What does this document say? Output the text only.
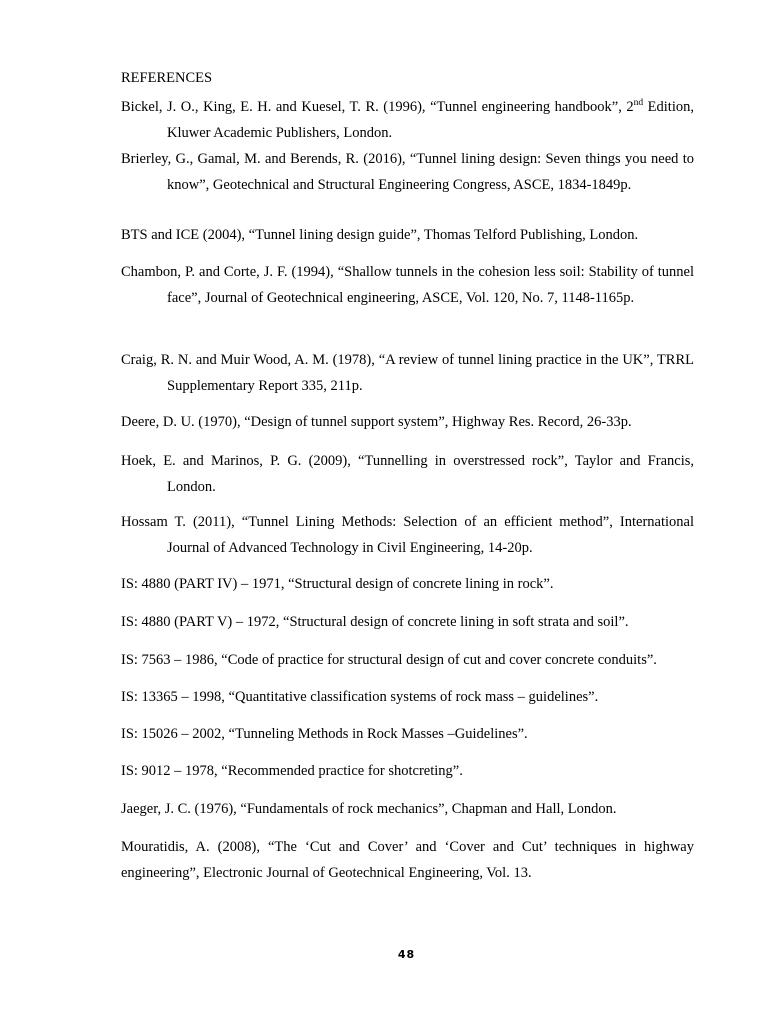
REFERENCES
Bickel, J. O., King, E. H. and Kuesel, T. R. (1996), “Tunnel engineering handbook”, 2nd Edition, Kluwer Academic Publishers, London.
Brierley, G., Gamal, M. and Berends, R. (2016), “Tunnel lining design: Seven things you need to know”, Geotechnical and Structural Engineering Congress, ASCE, 1834-1849p.
BTS and ICE (2004), “Tunnel lining design guide”, Thomas Telford Publishing, London.
Chambon, P. and Corte, J. F. (1994), “Shallow tunnels in the cohesion less soil: Stability of tunnel face”, Journal of Geotechnical engineering, ASCE, Vol. 120, No. 7, 1148-1165p.
Craig, R. N. and Muir Wood, A. M. (1978), “A review of tunnel lining practice in the UK”, TRRL Supplementary Report 335, 211p.
Deere, D. U. (1970), “Design of tunnel support system”, Highway Res. Record, 26-33p.
Hoek, E. and Marinos, P. G. (2009), “Tunnelling in overstressed rock”, Taylor and Francis, London.
Hossam T. (2011), “Tunnel Lining Methods: Selection of an efficient method”, International Journal of Advanced Technology in Civil Engineering, 14-20p.
IS: 4880 (PART IV) – 1971, “Structural design of concrete lining in rock”.
IS: 4880 (PART V) – 1972, “Structural design of concrete lining in soft strata and soil”.
IS: 7563 – 1986, “Code of practice for structural design of cut and cover concrete conduits”.
IS: 13365 – 1998, “Quantitative classification systems of rock mass – guidelines”.
IS: 15026 – 2002, “Tunneling Methods in Rock Masses –Guidelines”.
IS: 9012 – 1978, “Recommended practice for shotcreting”.
Jaeger, J. C. (1976), “Fundamentals of rock mechanics”, Chapman and Hall, London.
Mouratidis, A. (2008), “The ‘Cut and Cover’ and ‘Cover and Cut’ techniques in highway engineering”, Electronic Journal of Geotechnical Engineering, Vol. 13.
48
